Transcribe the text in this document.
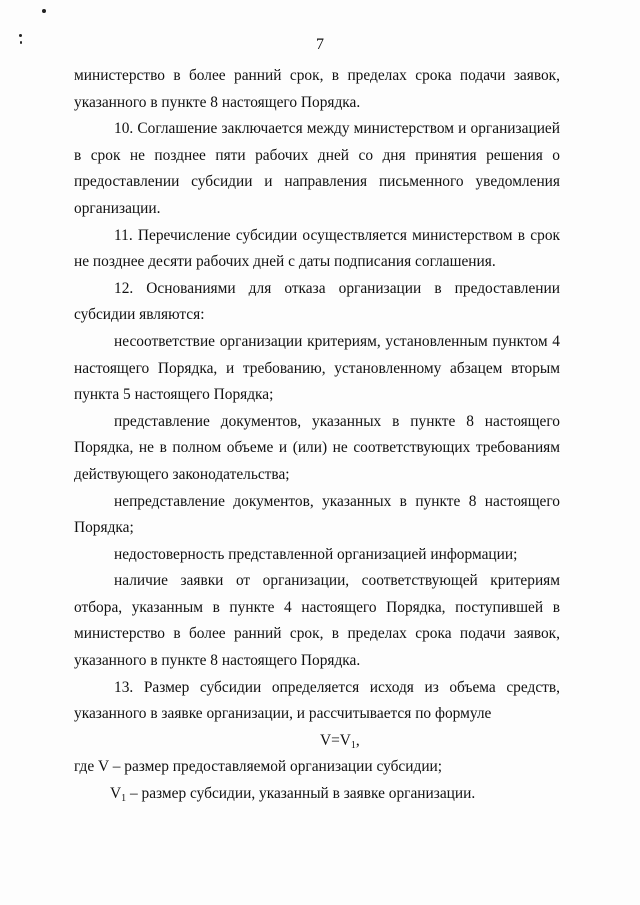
7

министерство в более ранний срок, в пределах срока подачи заявок, указанного в пункте 8 настоящего Порядка.

10. Соглашение заключается между министерством и организацией в срок не позднее пяти рабочих дней со дня принятия решения о предоставлении субсидии и направления письменного уведомления организации.

11. Перечисление субсидии осуществляется министерством в срок не позднее десяти рабочих дней с даты подписания соглашения.

12. Основаниями для отказа организации в предоставлении субсидии являются:

несоответствие организации критериям, установленным пунктом 4 настоящего Порядка, и требованию, установленному абзацем вторым пункта 5 настоящего Порядка;

представление документов, указанных в пункте 8 настоящего Порядка, не в полном объеме и (или) не соответствующих требованиям действующего законодательства;

непредставление документов, указанных в пункте 8 настоящего Порядка;

недостоверность представленной организацией информации;

наличие заявки от организации, соответствующей критериям отбора, указанным в пункте 4 настоящего Порядка, поступившей в министерство в более ранний срок, в пределах срока подачи заявок, указанного в пункте 8 настоящего Порядка.

13. Размер субсидии определяется исходя из объема средств, указанного в заявке организации, и рассчитывается по формуле

$V=V_1$,

где V – размер предоставляемой организации субсидии;

$V_1$ – размер субсидии, указанный в заявке организации.
